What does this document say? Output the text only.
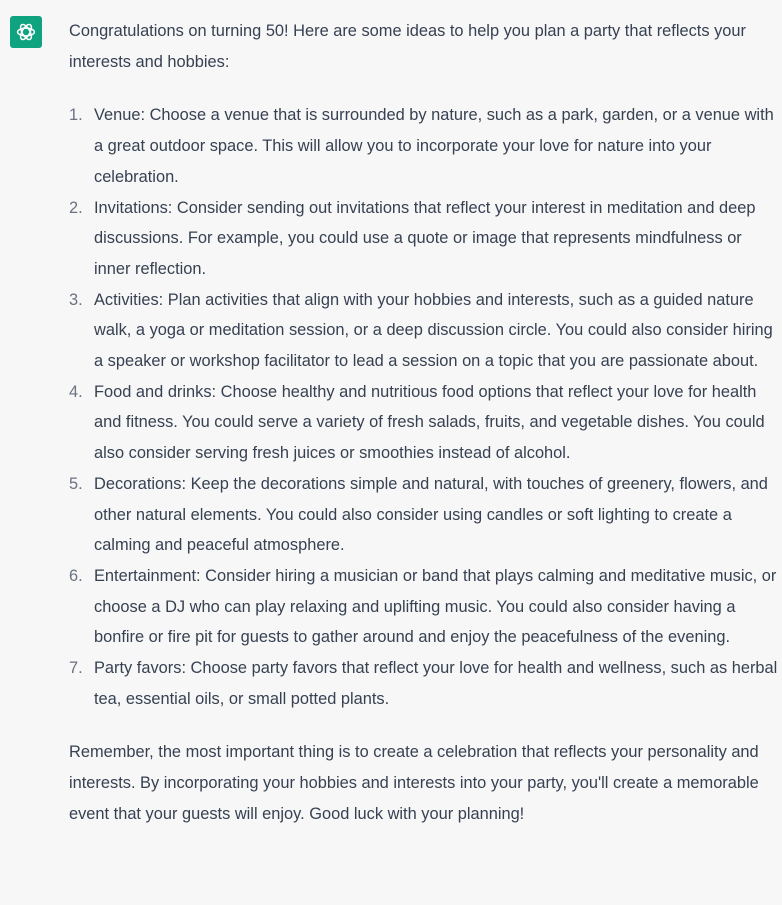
Congratulations on turning 50! Here are some ideas to help you plan a party that reflects your interests and hobbies:

1. Venue: Choose a venue that is surrounded by nature, such as a park, garden, or a venue with a great outdoor space. This will allow you to incorporate your love for nature into your celebration.
2. Invitations: Consider sending out invitations that reflect your interest in meditation and deep discussions. For example, you could use a quote or image that represents mindfulness or inner reflection.
3. Activities: Plan activities that align with your hobbies and interests, such as a guided nature walk, a yoga or meditation session, or a deep discussion circle. You could also consider hiring a speaker or workshop facilitator to lead a session on a topic that you are passionate about.
4. Food and drinks: Choose healthy and nutritious food options that reflect your love for health and fitness. You could serve a variety of fresh salads, fruits, and vegetable dishes. You could also consider serving fresh juices or smoothies instead of alcohol.
5. Decorations: Keep the decorations simple and natural, with touches of greenery, flowers, and other natural elements. You could also consider using candles or soft lighting to create a calming and peaceful atmosphere.
6. Entertainment: Consider hiring a musician or band that plays calming and meditative music, or choose a DJ who can play relaxing and uplifting music. You could also consider having a bonfire or fire pit for guests to gather around and enjoy the peacefulness of the evening.
7. Party favors: Choose party favors that reflect your love for health and wellness, such as herbal tea, essential oils, or small potted plants.

Remember, the most important thing is to create a celebration that reflects your personality and interests. By incorporating your hobbies and interests into your party, you'll create a memorable event that your guests will enjoy. Good luck with your planning!
